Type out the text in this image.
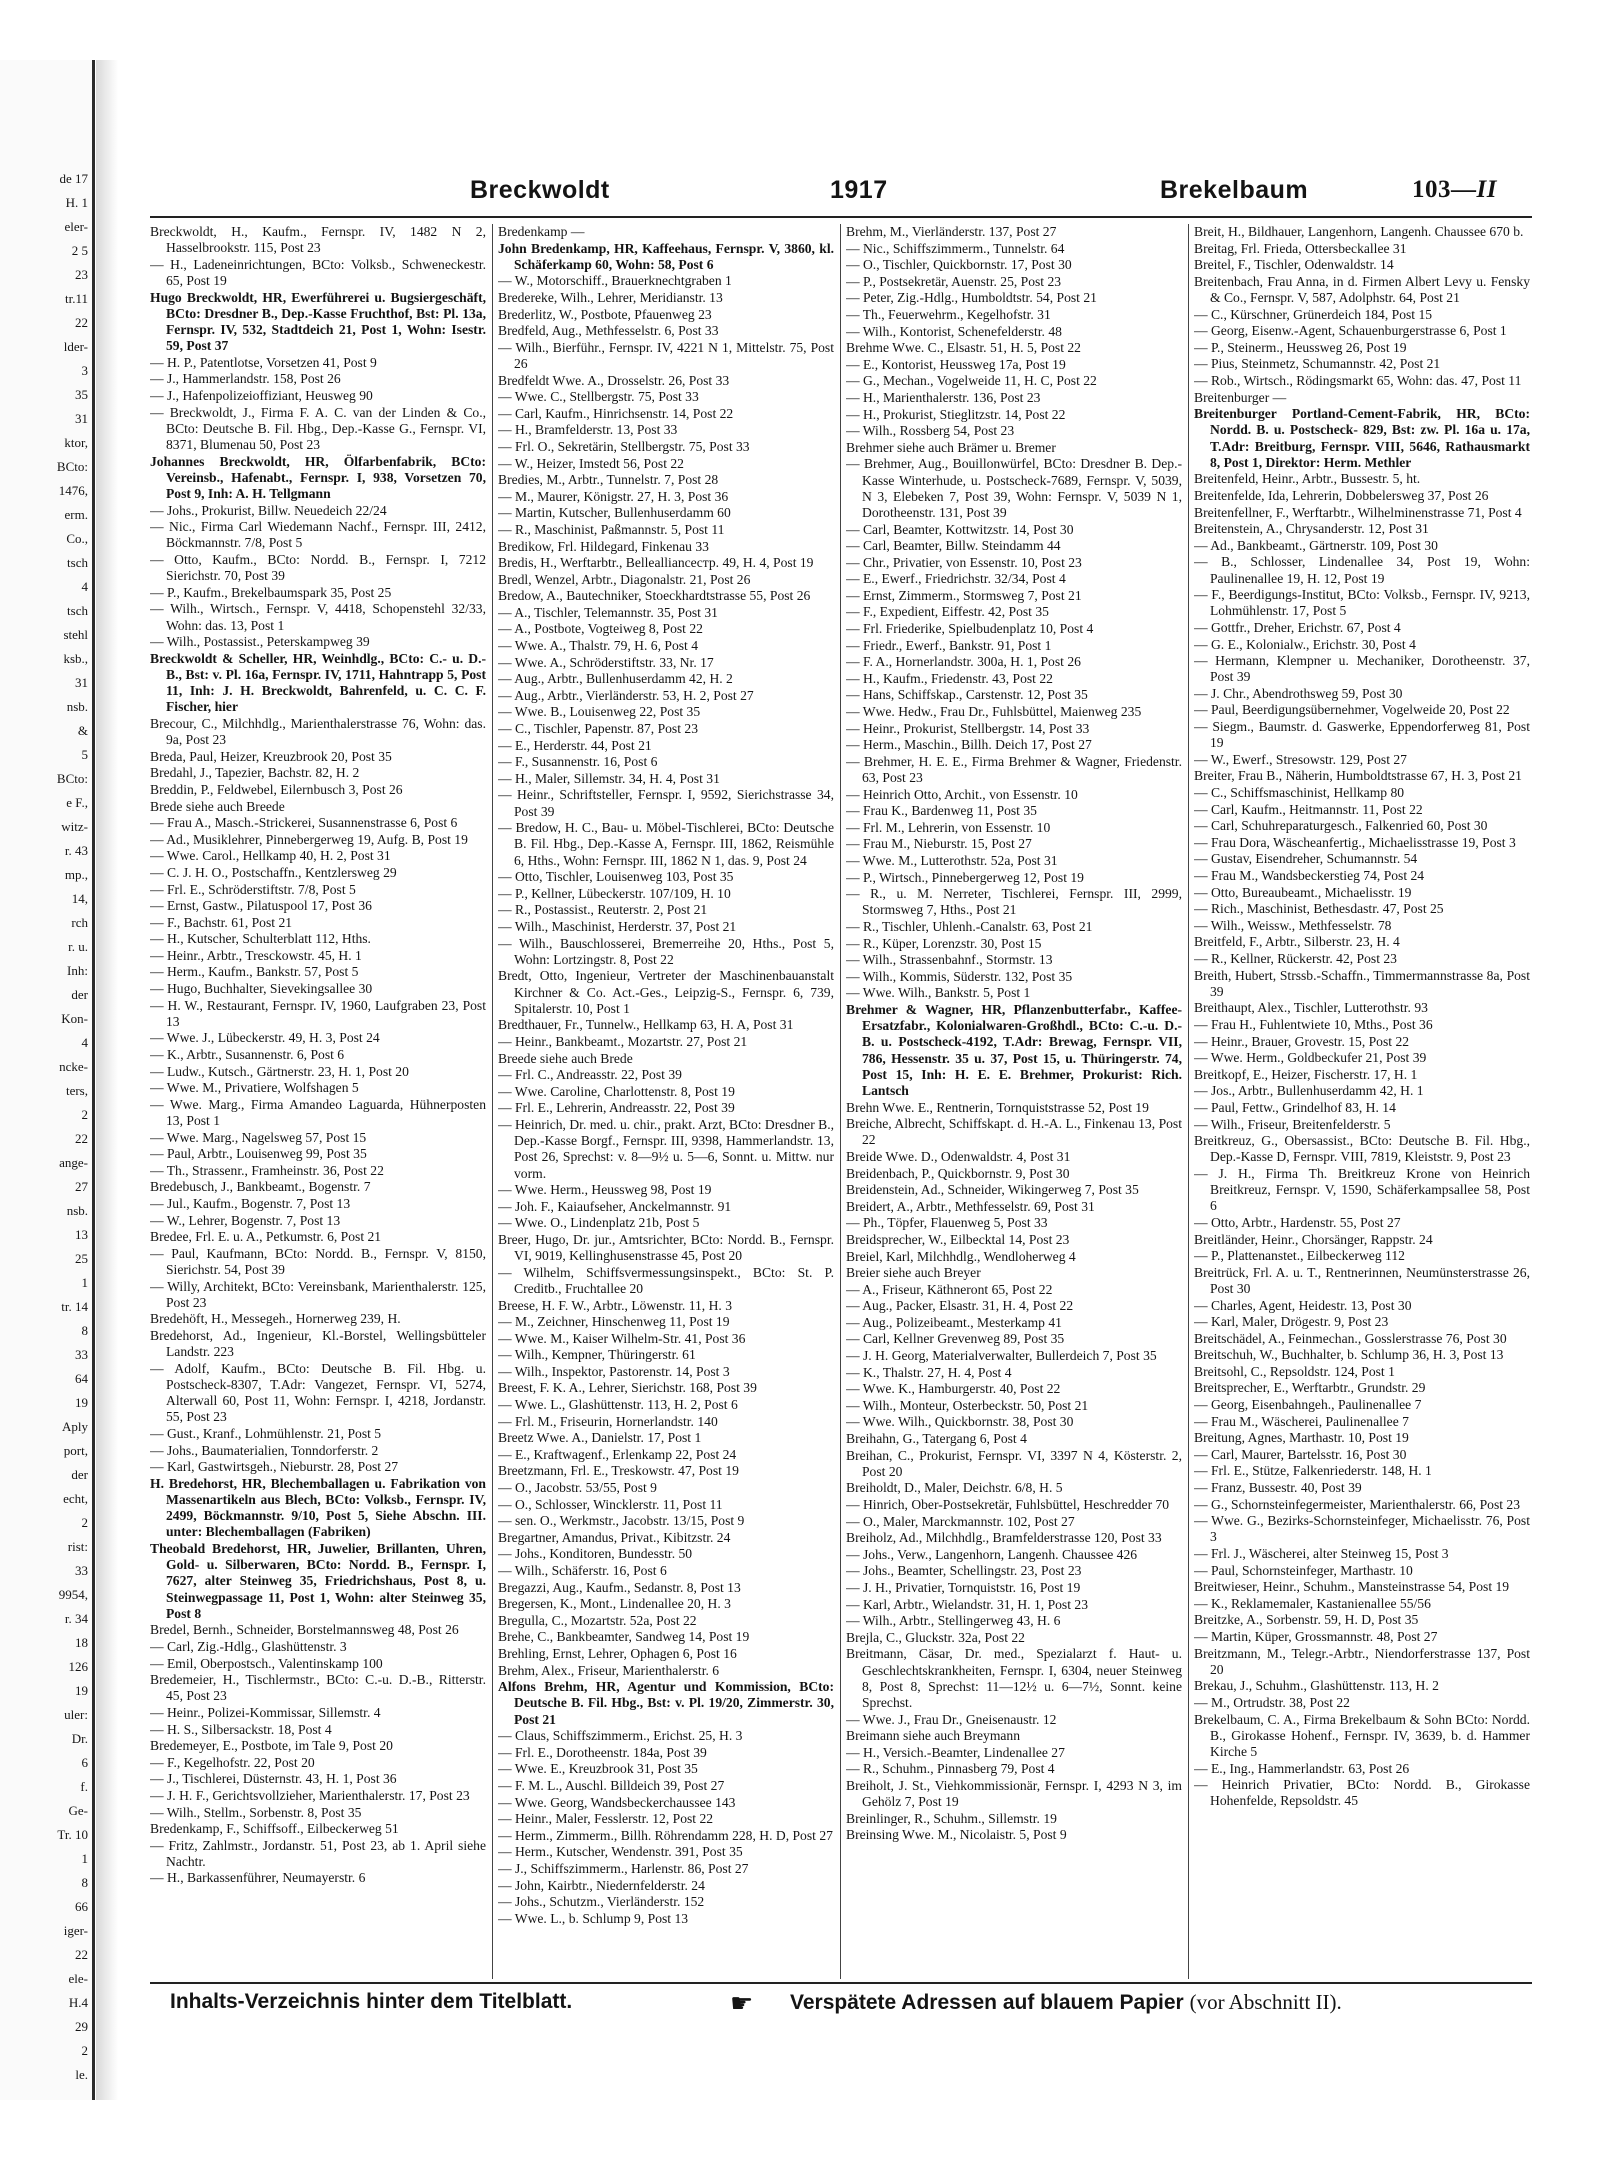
de 17
H. 1
eler-
2 5
23
tr.11
22
lder-
3
35
31
ktor,
BCto:
1476,
erm.
Co.,
tsch
4
tsch
stehl
ksb.,
31
nsb.
&
5
BCto:
e F.,
witz-
r. 43
mp.,
14,
rch
r. u.
Inh:
der
Kon-
4
ncke-
ters,
2
22
ange-
27
nsb.
13
25
1
tr. 14
8
33
64
19
Aply
port,
der
echt,
2
rist:
33
9954,
r. 34
18
126
19
uler:
Dr.
6
f.
Ge-
Tr. 10
1
8
66
iger-
22
ele-
H.4
29
2
le.
Breckwoldt	1917	Brekelbaum	103—II
Breckwoldt, H., Kaufm., Fernspr. IV, 1482 N 2, Hasselbrookstr. 115, Post 23
— H., Ladeneinrichtungen, BCto: Volksb., Schweneckestr. 65, Post 19
Hugo Breckwoldt, HR, Ewerführerei u. Bugsiergeschäft, BCto: Dresdner B., Dep.-Kasse Fruchthof, Bst: Pl. 13a, Fernspr. IV, 532, Stadtdeich 21, Post 1, Wohn: Isestr. 59, Post 37
— H. P., Patentlotse, Vorsetzen 41, Post 9
— J., Hammerlandstr. 158, Post 26
— J., Hafenpolizeioffiziant, Heusweg 90
— Breckwoldt, J., Firma F. A. C. van der Linden & Co., BCto: Deutsche B. Fil. Hbg., Dep.-Kasse G., Fernspr. VI, 8371, Blumenau 50, Post 23
Johannes Breckwoldt, HR, Ölfarbenfabrik, BCto: Vereinsb., Hafenabt., Fernspr. I, 938, Vorsetzen 70, Post 9, Inh: A. H. Tellgmann
— Johs., Prokurist, Billw. Neuedeich 22/24
— Nic., Firma Carl Wiedemann Nachf., Fernspr. III, 2412, Böckmannstr. 7/8, Post 5
— Otto, Kaufm., BCto: Nordd. B., Fernspr. I, 7212 Sierichstr. 70, Post 39
— P., Kaufm., Brekelbaumspark 35, Post 25
— Wilh., Wirtsch., Fernspr. V, 4418, Schopenstehl 32/33, Wohn: das. 13, Post 1
— Wilh., Postassist., Peterskampweg 39
Breckwoldt & Scheller, HR, Weinhdlg., BCto: C.- u. D.-B., Bst: v. Pl. 16a, Fernspr. IV, 1711, Hahntrapp 5, Post 11, Inh: J. H. Breckwoldt, Bahrenfeld, u. C. C. F. Fischer, hier
Brecour, C., Milchhdlg., Marienthalerstrasse 76, Wohn: das. 9a, Post 23
Breda, Paul, Heizer, Kreuzbrook 20, Post 35
Bredahl, J., Tapezier, Bachstr. 82, H. 2
Breddin, P., Feldwebel, Eilernbusch 3, Post 26
Brede siehe auch Breede
— Frau A., Masch.-Strickerei, Susannenstrasse 6, Post 6
— Ad., Musiklehrer, Pinnebergerweg 19, Aufg. B, Post 19
— Wwe. Carol., Hellkamp 40, H. 2, Post 31
— C. J. H. O., Postschaffn., Kentzlersweg 29
— Frl. E., Schröderstiftstr. 7/8, Post 5
— Ernst, Gastw., Pilatuspool 17, Post 36
— F., Bachstr. 61, Post 21
— H., Kutscher, Schulterblatt 112, Hths.
— Heinr., Arbtr., Tresckowstr. 45, H. 1
— Herm., Kaufm., Bankstr. 57, Post 5
— Hugo, Buchhalter, Sievekingsallee 30
— H. W., Restaurant, Fernspr. IV, 1960, Laufgraben 23, Post 13
— Wwe. J., Lübeckerstr. 49, H. 3, Post 24
— K., Arbtr., Susannenstr. 6, Post 6
— Ludw., Kutsch., Gärtnerstr. 23, H. 1, Post 20
— Wwe. M., Privatiere, Wolfshagen 5
— Wwe. Marg., Firma Amandeo Laguarda, Hühnerposten 13, Post 1
— Wwe. Marg., Nagelsweg 57, Post 15
— Paul, Arbtr., Louisenweg 99, Post 35
— Th., Strassenr., Framheinstr. 36, Post 22
Bredebusch, J., Bankbeamt., Bogenstr. 7
— Jul., Kaufm., Bogenstr. 7, Post 13
— W., Lehrer, Bogenstr. 7, Post 13
Bredee, Frl. E. u. A., Petkumstr. 6, Post 21
— Paul, Kaufmann, BCto: Nordd. B., Fernspr. V, 8150, Sierichstr. 54, Post 39
— Willy, Architekt, BCto: Vereinsbank, Marienthalerstr. 125, Post 23
Bredehöft, H., Messegeh., Hornerweg 239, H.
Bredehorst, Ad., Ingenieur, Kl.-Borstel, Wellingsbütteler Landstr. 223
— Adolf, Kaufm., BCto: Deutsche B. Fil. Hbg. u. Postscheck-8307, T.Adr: Vangezet, Fernspr. VI, 5274, Alterwall 60, Post 11, Wohn: Fernspr. I, 4218, Jordanstr. 55, Post 23
— Gust., Kranf., Lohmühlenstr. 21, Post 5
— Johs., Baumaterialien, Tonndorferstr. 2
— Karl, Gastwirtsgeh., Nieburstr. 28, Post 27
H. Bredehorst, HR, Blechemballagen u. Fabrikation von Massenartikeln aus Blech, BCto: Volksb., Fernspr. IV, 2499, Böckmannstr. 9/10, Post 5, Siehe Abschn. III. unter: Blechemballagen (Fabriken)
Theobald Bredehorst, HR, Juwelier, Brillanten, Uhren, Gold- u. Silberwaren, BCto: Nordd. B., Fernspr. I, 7627, alter Steinweg 35, Friedrichshaus, Post 8, u. Steinwegpassage 11, Post 1, Wohn: alter Steinweg 35, Post 8
Bredel, Bernh., Schneider, Borstelmannsweg 48, Post 26
— Carl, Zig.-Hdlg., Glashüttenstr. 3
— Emil, Oberpostsch., Valentinskamp 100
Bredemeier, H., Tischlermstr., BCto: C.-u. D.-B., Ritterstr. 45, Post 23
— Heinr., Polizei-Kommissar, Sillemstr. 4
— H. S., Silbersackstr. 18, Post 4
Bredemeyer, E., Postbote, im Tale 9, Post 20
— F., Kegelhofstr. 22, Post 20
— J., Tischlerei, Düsternstr. 43, H. 1, Post 36
— J. H. F., Gerichtsvollzieher, Marienthalerstr. 17, Post 23
— Wilh., Stellm., Sorbenstr. 8, Post 35
Bredenkamp, F., Schiffsoff., Eilbeckerweg 51
— Fritz, Zahlmstr., Jordanstr. 51, Post 23, ab 1. April siehe Nachtr.
— H., Barkassenführer, Neumayerstr. 6
Bredenkamp —
John Bredenkamp, HR, Kaffeehaus, Fernspr. V, 3860, kl. Schäferkamp 60, Wohn: 58, Post 6
— W., Motorschiff., Brauerknechtgraben 1
Bredereke, Wilh., Lehrer, Meridianstr. 13
Brederlitz, W., Postbote, Pfauenweg 23
Bredfeld, Aug., Methfesselstr. 6, Post 33
— Wilh., Bierführ., Fernspr. IV, 4221 N 1, Mittelstr. 75, Post 26
Bredfeldt Wwe. A., Drosselstr. 26, Post 33
— Wwe. C., Stellbergstr. 75, Post 33
— Carl, Kaufm., Hinrichsenstr. 14, Post 22
— H., Bramfelderstr. 13, Post 33
— Frl. O., Sekretärin, Stellbergstr. 75, Post 33
— W., Heizer, Imstedt 56, Post 22
Bredies, M., Arbtr., Tunnelstr. 7, Post 28
— M., Maurer, Königstr. 27, H. 3, Post 36
— Martin, Kutscher, Bullenhuserdamm 60
— R., Maschinist, Paßmannstr. 5, Post 11
Bredikow, Frl. Hildegard, Finkenau 33
Bredis, H., Werftarbtr., Belleallianceстр. 49, H. 4, Post 19
Bredl, Wenzel, Arbtr., Diagonalstr. 21, Post 26
Bredow, A., Bautechniker, Stoeckhardtstrasse 55, Post 26
— A., Tischler, Telemannstr. 35, Post 31
— A., Postbote, Vogteiweg 8, Post 22
— Wwe. A., Thalstr. 79, H. 6, Post 4
— Wwe. A., Schröderstiftstr. 33, Nr. 17
— Aug., Arbtr., Bullenhuserdamm 42, H. 2
— Aug., Arbtr., Vierländerstr. 53, H. 2, Post 27
— Wwe. B., Louisenweg 22, Post 35
— C., Tischler, Papenstr. 87, Post 23
— E., Herderstr. 44, Post 21
— F., Susannenstr. 16, Post 6
— H., Maler, Sillemstr. 34, H. 4, Post 31
— Heinr., Schriftsteller, Fernspr. I, 9592, Sierichstrasse 34, Post 39
— Bredow, H. C., Bau- u. Möbel-Tischlerei, BCto: Deutsche B. Fil. Hbg., Dep.-Kasse A, Fernspr. III, 1862, Reismühle 6, Hths., Wohn: Fernspr. III, 1862 N 1, das. 9, Post 24
— Otto, Tischler, Louisenweg 103, Post 35
— P., Kellner, Lübeckerstr. 107/109, H. 10
— R., Postassist., Reuterstr. 2, Post 21
— Wilh., Maschinist, Herderstr. 37, Post 21
— Wilh., Bauschlosserei, Bremerreihe 20, Hths., Post 5, Wohn: Lortzingstr. 8, Post 22
Bredt, Otto, Ingenieur, Vertreter der Maschinenbauanstalt Kirchner & Co. Act.-Ges., Leipzig-S., Fernspr. 6, 739, Spitalerstr. 10, Post 1
Bredthauer, Fr., Tunnelw., Hellkamp 63, H. A, Post 31
— Heinr., Bankbeamt., Mozartstr. 27, Post 21
Breede siehe auch Brede
— Frl. C., Andreasstr. 22, Post 39
— Wwe. Caroline, Charlottenstr. 8, Post 19
— Frl. E., Lehrerin, Andreasstr. 22, Post 39
— Heinrich, Dr. med. u. chir., prakt. Arzt, BCto: Dresdner B., Dep.-Kasse Borgf., Fernspr. III, 9398, Hammerlandstr. 13, Post 26, Sprechst: v. 8—9½ u. 5—6, Sonnt. u. Mittw. nur vorm.
— Wwe. Herm., Heussweg 98, Post 19
— Joh. F., Kaiaufseher, Anckelmannstr. 91
— Wwe. O., Lindenplatz 21b, Post 5
Breer, Hugo, Dr. jur., Amtsrichter, BCto: Nordd. B., Fernspr. VI, 9019, Kellinghusenstrasse 45, Post 20
— Wilhelm, Schiffsvermessungsinspekt., BCto: St. P. Creditb., Fruchtallee 20
Breese, H. F. W., Arbtr., Löwenstr. 11, H. 3
— M., Zeichner, Hinschenweg 11, Post 19
— Wwe. M., Kaiser Wilhelm-Str. 41, Post 36
— Wilh., Kempner, Thüringerstr. 61
— Wilh., Inspektor, Pastorenstr. 14, Post 3
Breest, F. K. A., Lehrer, Sierichstr. 168, Post 39
— Wwe. L., Glashüttenstr. 113, H. 2, Post 6
— Frl. M., Friseurin, Hornerlandstr. 140
Breetz Wwe. A., Danielstr. 17, Post 1
— E., Kraftwagenf., Erlenkamp 22, Post 24
Breetzmann, Frl. E., Treskowstr. 47, Post 19
— O., Jacobstr. 53/55, Post 9
— O., Schlosser, Wincklerstr. 11, Post 11
— sen. O., Werkmstr., Jacobstr. 13/15, Post 9
Bregartner, Amandus, Privat., Kibitzstr. 24
— Johs., Konditoren, Bundesstr. 50
— Wilh., Schäferstr. 16, Post 6
Bregazzi, Aug., Kaufm., Sedanstr. 8, Post 13
Bregersen, K., Mont., Lindenallee 20, H. 3
Bregulla, C., Mozartstr. 52a, Post 22
Brehe, C., Bankbeamter, Sandweg 14, Post 19
Brehling, Ernst, Lehrer, Ophagen 6, Post 16
Brehm, Alex., Friseur, Marienthalerstr. 6
Alfons Brehm, HR, Agentur und Kommission, BCto: Deutsche B. Fil. Hbg., Bst: v. Pl. 19/20, Zimmerstr. 30, Post 21
— Claus, Schiffszimmerm., Erichst. 25, H. 3
— Frl. E., Dorotheenstr. 184a, Post 39
— Wwe. E., Kreuzbrook 31, Post 35
— F. M. L., Auschl. Billdeich 39, Post 27
— Wwe. Georg, Wandsbeckerchaussee 143
— Heinr., Maler, Fesslerstr. 12, Post 22
— Herm., Zimmerm., Billh. Röhrendamm 228, H. D, Post 27
— Herm., Kutscher, Wendenstr. 391, Post 35
— J., Schiffszimmerm., Harlenstr. 86, Post 27
— John, Kairbtr., Niedernfelderstr. 24
— Johs., Schutzm., Vierländerstr. 152
— Wwe. L., b. Schlump 9, Post 13
Brehm, M., Vierländerstr. 137, Post 27
— Nic., Schiffszimmerm., Tunnelstr. 64
— O., Tischler, Quickbornstr. 17, Post 30
— P., Postsekretär, Auenstr. 25, Post 23
— Peter, Zig.-Hdlg., Humboldtstr. 54, Post 21
— Th., Feuerwehrm., Kegelhofstr. 31
— Wilh., Kontorist, Schenefelderstr. 48
Brehme Wwe. C., Elsastr. 51, H. 5, Post 22
— E., Kontorist, Heussweg 17a, Post 19
— G., Mechan., Vogelweide 11, H. C, Post 22
— H., Marienthalerstr. 136, Post 23
— H., Prokurist, Stieglitzstr. 14, Post 22
— Wilh., Rossberg 54, Post 23
Brehmer siehe auch Brämer u. Bremer
— Brehmer, Aug., Bouillonwürfel, BCto: Dresdner B. Dep.-Kasse Winterhude, u. Postscheck-7689, Fernspr. V, 5039, N 3, Elebeken 7, Post 39, Wohn: Fernspr. V, 5039 N 1, Dorotheenstr. 131, Post 39
— Carl, Beamter, Kottwitzstr. 14, Post 30
— Carl, Beamter, Billw. Steindamm 44
— Chr., Privatier, von Essenstr. 10, Post 23
— E., Ewerf., Friedrichstr. 32/34, Post 4
— Ernst, Zimmerm., Stormsweg 7, Post 21
— F., Expedient, Eiffestr. 42, Post 35
— Frl. Friederike, Spielbudenplatz 10, Post 4
— Friedr., Ewerf., Bankstr. 91, Post 1
— F. A., Hornerlandstr. 300a, H. 1, Post 26
— H., Kaufm., Friedenstr. 43, Post 22
— Hans, Schiffskap., Carstenstr. 12, Post 35
— Wwe. Hedw., Frau Dr., Fuhlsbüttel, Maienweg 235
— Heinr., Prokurist, Stellbergstr. 14, Post 33
— Herm., Maschin., Billh. Deich 17, Post 27
— Brehmer, H. E. E., Firma Brehmer & Wagner, Friedenstr. 63, Post 23
— Heinrich Otto, Archit., von Essenstr. 10
— Frau K., Bardenweg 11, Post 35
— Frl. M., Lehrerin, von Essenstr. 10
— Frau M., Nieburstr. 15, Post 27
— Wwe. M., Lutterothstr. 52a, Post 31
— P., Wirtsch., Pinnebergerweg 12, Post 19
— R., u. M. Nerreter, Tischlerei, Fernspr. III, 2999, Stormsweg 7, Hths., Post 21
— R., Tischler, Uhlenh.-Canalstr. 63, Post 21
— R., Küper, Lorenzstr. 30, Post 15
— Wilh., Strassenbahnf., Stormstr. 13
— Wilh., Kommis, Süderstr. 132, Post 35
— Wwe. Wilh., Bankstr. 5, Post 1
Brehmer & Wagner, HR, Pflanzenbutterfabr., Kaffee-Ersatzfabr., Kolonialwaren-Großhdl., BCto: C.-u. D.-B. u. Postscheck-4192, T.Adr: Brewag, Fernspr. VII, 786, Hessenstr. 35 u. 37, Post 15, u. Thüringerstr. 74, Post 15, Inh: H. E. E. Brehmer, Prokurist: Rich. Lantsch
Brehn Wwe. E., Rentnerin, Tornquiststrasse 52, Post 19
Breiche, Albrecht, Schiffskapt. d. H.-A. L., Finkenau 13, Post 22
Breide Wwe. D., Odenwaldstr. 4, Post 31
Breidenbach, P., Quickbornstr. 9, Post 30
Breidenstein, Ad., Schneider, Wikingerweg 7, Post 35
Breidert, A., Arbtr., Methfesselstr. 69, Post 31
— Ph., Töpfer, Flauenweg 5, Post 33
Breidsprecher, W., Eilbecktal 14, Post 23
Breiel, Karl, Milchhdlg., Wendloherweg 4
Breier siehe auch Breyer
— A., Friseur, Käthneront 65, Post 22
— Aug., Packer, Elsastr. 31, H. 4, Post 22
— Aug., Polizeibeamt., Mesterkamp 41
— Carl, Kellner Grevenweg 89, Post 35
— J. H. Georg, Materialverwalter, Bullerdeich 7, Post 35
— K., Thalstr. 27, H. 4, Post 4
— Wwe. K., Hamburgerstr. 40, Post 22
— Wilh., Monteur, Osterbeckstr. 50, Post 21
— Wwe. Wilh., Quickbornstr. 38, Post 30
Breihahn, G., Tatergang 6, Post 4
Breihan, C., Prokurist, Fernspr. VI, 3397 N 4, Kösterstr. 2, Post 20
Breiholdt, D., Maler, Deichstr. 6/8, H. 5
— Hinrich, Ober-Postsekretär, Fuhlsbüttel, Heschredder 70
— O., Maler, Marckmannstr. 102, Post 27
Breiholz, Ad., Milchhdlg., Bramfelderstrasse 120, Post 33
— Johs., Verw., Langenhorn, Langenh. Chaussee 426
— Johs., Beamter, Schellingstr. 23, Post 23
— J. H., Privatier, Tornquiststr. 16, Post 19
— Karl, Arbtr., Wielandstr. 31, H. 1, Post 23
— Wilh., Arbtr., Stellingerweg 43, H. 6
Brejla, C., Gluckstr. 32a, Post 22
Breitmann, Cäsar, Dr. med., Spezialarzt f. Haut- u. Geschlechtskrankheiten, Fernspr. I, 6304, neuer Steinweg 8, Post 8, Sprechst: 11—12½ u. 6—7½, Sonnt. keine Sprechst.
— Wwe. J., Frau Dr., Gneisenaustr. 12
Breimann siehe auch Breymann
— H., Versich.-Beamter, Lindenallee 27
— R., Schuhm., Pinnasberg 79, Post 4
Breiholt, J. St., Viehkommissionär, Fernspr. I, 4293 N 3, im Gehölz 7, Post 19
Breinlinger, R., Schuhm., Sillemstr. 19
Breinsing Wwe. M., Nicolaistr. 5, Post 9
Breit, H., Bildhauer, Langenhorn, Langenh. Chaussee 670 b.
Breitag, Frl. Frieda, Ottersbeckallee 31
Breitel, F., Tischler, Odenwaldstr. 14
Breitenbach, Frau Anna, in d. Firmen Albert Levy u. Fensky & Co., Fernspr. V, 587, Adolphstr. 64, Post 21
— C., Kürschner, Grünerdeich 184, Post 15
— Georg, Eisenw.-Agent, Schauenburgerstrasse 6, Post 1
— P., Steinerm., Heussweg 26, Post 19
— Pius, Steinmetz, Schumannstr. 42, Post 21
— Rob., Wirtsch., Rödingsmarkt 65, Wohn: das. 47, Post 11
Breitenburger —
Breitenburger Portland-Cement-Fabrik, HR, BCto: Nordd. B. u. Postscheck- 829, Bst: zw. Pl. 16a u. 17a, T.Adr: Breitburg, Fernspr. VIII, 5646, Rathausmarkt 8, Post 1, Direktor: Herm. Methler
Breitenfeld, Heinr., Arbtr., Bussestr. 5, ht.
Breitenfelde, Ida, Lehrerin, Dobbelersweg 37, Post 26
Breitenfellner, F., Werftarbtr., Wilhelminenstrasse 71, Post 4
Breitenstein, A., Chrysanderstr. 12, Post 31
— Ad., Bankbeamt., Gärtnerstr. 109, Post 30
— B., Schlosser, Lindenallee 34, Post 19, Wohn: Paulinenallee 19, H. 12, Post 19
— F., Beerdigungs-Institut, BCto: Volksb., Fernspr. IV, 9213, Lohmühlenstr. 17, Post 5
— Gottfr., Dreher, Erichstr. 67, Post 4
— G. E., Kolonialw., Erichstr. 30, Post 4
— Hermann, Klempner u. Mechaniker, Dorotheenstr. 37, Post 39
— J. Chr., Abendrothsweg 59, Post 30
— Paul, Beerdigungsübernehmer, Vogelweide 20, Post 22
— Siegm., Baumstr. d. Gaswerke, Eppendorferweg 81, Post 19
— W., Ewerf., Stresowstr. 129, Post 27
Breiter, Frau B., Näherin, Humboldtstrasse 67, H. 3, Post 21
— C., Schiffsmaschinist, Hellkamp 80
— Carl, Kaufm., Heitmannstr. 11, Post 22
— Carl, Schuhreparaturgesch., Falkenried 60, Post 30
— Frau Dora, Wäscheanfertig., Michaelisstrasse 19, Post 3
— Gustav, Eisendreher, Schumannstr. 54
— Frau M., Wandsbeckerstieg 74, Post 24
— Otto, Bureaubeamt., Michaelisstr. 19
— Rich., Maschinist, Bethesdastr. 47, Post 25
— Wilh., Weissw., Methfesselstr. 78
Breitfeld, F., Arbtr., Silberstr. 23, H. 4
— R., Kellner, Rückerstr. 42, Post 23
Breith, Hubert, Strssb.-Schaffn., Timmermannstrasse 8a, Post 39
Breithaupt, Alex., Tischler, Lutterothstr. 93
— Frau H., Fuhlentwiete 10, Mths., Post 36
— Heinr., Brauer, Grovestr. 15, Post 22
— Wwe. Herm., Goldbeckufer 21, Post 39
Breitkopf, E., Heizer, Fischerstr. 17, H. 1
— Jos., Arbtr., Bullenhuserdamm 42, H. 1
— Paul, Fettw., Grindelhof 83, H. 14
— Wilh., Friseur, Breitenfelderstr. 5
Breitkreuz, G., Obersassist., BCto: Deutsche B. Fil. Hbg., Dep.-Kasse D, Fernspr. VIII, 7819, Kleiststr. 9, Post 23
— J. H., Firma Th. Breitkreuz Krone von Heinrich Breitkreuz, Fernspr. V, 1590, Schäferkampsallee 58, Post 6
— Otto, Arbtr., Hardenstr. 55, Post 27
Breitländer, Heinr., Chorsänger, Rappstr. 24
— P., Plattenanstet., Eilbeckerweg 112
Breitrück, Frl. A. u. T., Rentnerinnen, Neumünsterstrasse 26, Post 30
— Charles, Agent, Heidestr. 13, Post 30
— Karl, Maler, Drögestr. 9, Post 23
Breitschädel, A., Feinmechan., Gosslerstrasse 76, Post 30
Breitschuh, W., Buchhalter, b. Schlump 36, H. 3, Post 13
Breitsohl, C., Repsoldstr. 124, Post 1
Breitsprecher, E., Werftarbtr., Grundstr. 29
— Georg, Eisenbahngeh., Paulinenallee 7
— Frau M., Wäscherei, Paulinenallee 7
Breitung, Agnes, Marthastr. 10, Post 19
— Carl, Maurer, Bartelsstr. 16, Post 30
— Frl. E., Stütze, Falkenriederstr. 148, H. 1
— Franz, Bussestr. 40, Post 39
— G., Schornsteinfegermeister, Marienthalerstr. 66, Post 23
— Wwe. G., Bezirks-Schornsteinfeger, Michaelisstr. 76, Post 3
— Frl. J., Wäscherei, alter Steinweg 15, Post 3
— Paul, Schornsteinfeger, Marthastr. 10
Breitwieser, Heinr., Schuhm., Mansteinstrasse 54, Post 19
— K., Reklamemaler, Kastanienallee 55/56
Breitzke, A., Sorbenstr. 59, H. D, Post 35
— Martin, Küper, Grossmannstr. 48, Post 27
Breitzmann, M., Telegr.-Arbtr., Niendorferstrasse 137, Post 20
Brekau, J., Schuhm., Glashüttenstr. 113, H. 2
— M., Ortrudstr. 38, Post 22
Brekelbaum, C. A., Firma Brekelbaum & Sohn BCto: Nordd. B., Girokasse Hohenf., Fernspr. IV, 3639, b. d. Hammer Kirche 5
— E., Ing., Hammerlandstr. 63, Post 26
— Heinrich Privatier, BCto: Nordd. B., Girokasse Hohenfelde, Repsoldstr. 45
Inhalts-Verzeichnis hinter dem Titelblatt.	☛ Verspätete Adressen auf blauem Papier (vor Abschnitt II).
